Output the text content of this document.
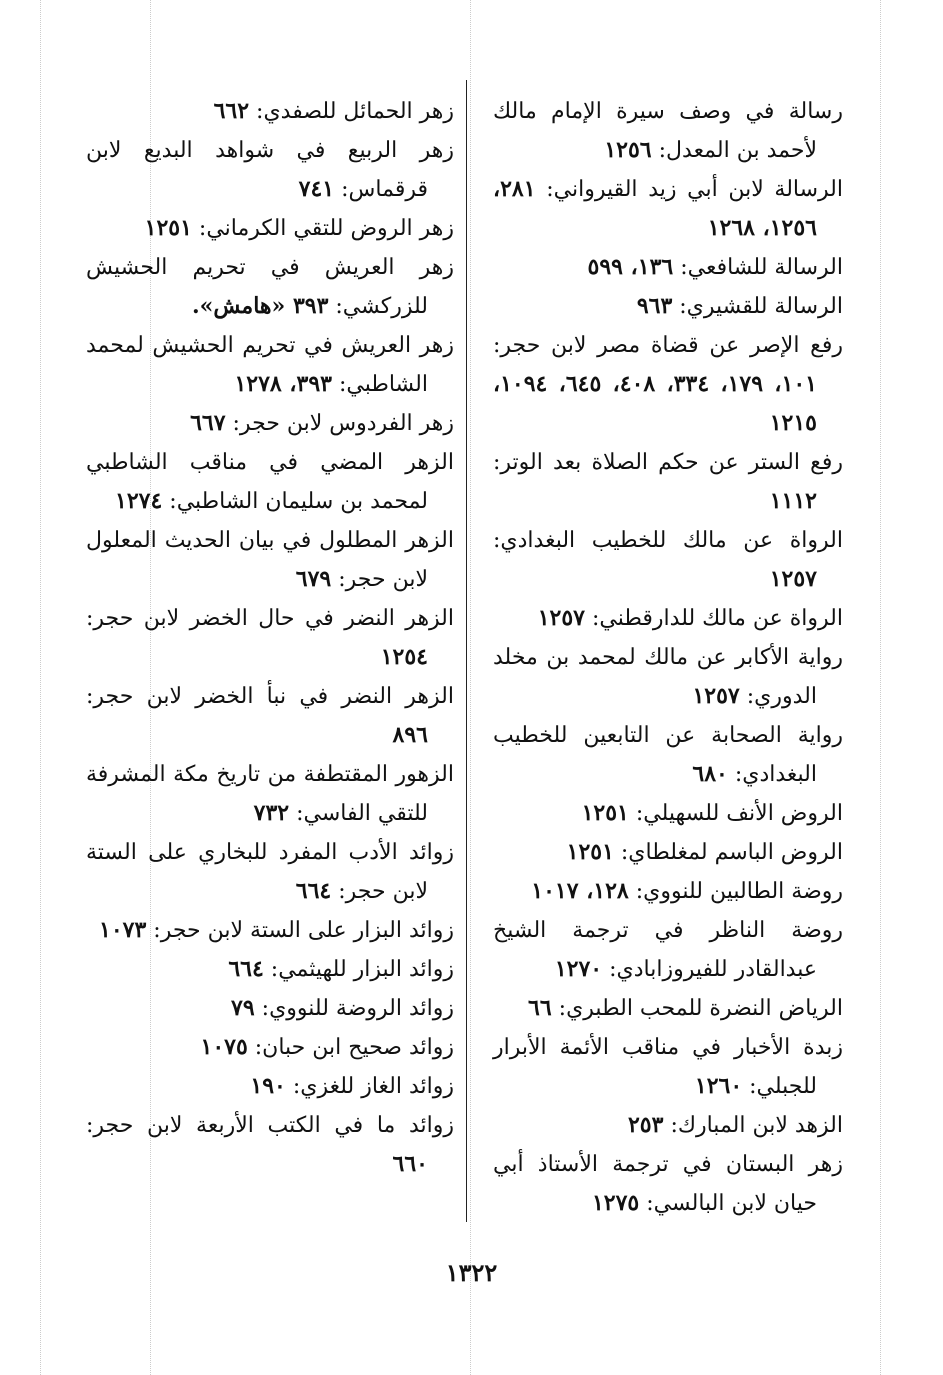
رسالة في وصف سيرة الإمام مالك لأحمد بن المعدل: ١٢٥٦
الرسالة لابن أبي زيد القيرواني: ٢٨١، ١٢٥٦، ١٢٦٨
الرسالة للشافعي: ١٣٦، ٥٩٩
الرسالة للقشيري: ٩٦٣
رفع الإصر عن قضاة مصر لابن حجر: ١٠١، ١٧٩، ٣٣٤، ٤٠٨، ٦٤٥، ١٠٩٤، ١٢١٥
رفع الستر عن حكم الصلاة بعد الوتر: ١١١٢
الرواة عن مالك للخطيب البغدادي: ١٢٥٧
الرواة عن مالك للدارقطني: ١٢٥٧
رواية الأكابر عن مالك لمحمد بن مخلد الدوري: ١٢٥٧
رواية الصحابة عن التابعين للخطيب البغدادي: ٦٨٠
الروض الأنف للسهيلي: ١٢٥١
الروض الباسم لمغلطاي: ١٢٥١
روضة الطالبين للنووي: ١٢٨، ١٠١٧
روضة الناظر في ترجمة الشيخ عبدالقادر للفيروزابادي: ١٢٧٠
الرياض النضرة للمحب الطبري: ٦٦
زبدة الأخبار في مناقب الأئمة الأبرار للجبلي: ١٢٦٠
الزهد لابن المبارك: ٢٥٣
زهر البستان في ترجمة الأستاذ أبي حيان لابن البالسي: ١٢٧٥
زهر الحمائل للصفدي: ٦٦٢
زهر الربيع في شواهد البديع لابن قرقماس: ٧٤١
زهر الروض للتقي الكرماني: ١٢٥١
زهر العريش في تحريم الحشيش للزركشي: ٣٩٣ «هامش».
زهر العريش في تحريم الحشيش لمحمد الشاطبي: ٣٩٣، ١٢٧٨
زهر الفردوس لابن حجر: ٦٦٧
الزهر المضي في مناقب الشاطبي لمحمد بن سليمان الشاطبي: ١٢٧٤
الزهر المطلول في بيان الحديث المعلول لابن حجر: ٦٧٩
الزهر النضر في حال الخضر لابن حجر: ١٢٥٤
الزهر النضر في نبأ الخضر لابن حجر: ٨٩٦
الزهور المقتطفة من تاريخ مكة المشرفة للتقي الفاسي: ٧٣٢
زوائد الأدب المفرد للبخاري على الستة لابن حجر: ٦٦٤
زوائد البزار على الستة لابن حجر: ١٠٧٣
زوائد البزار للهيثمي: ٦٦٤
زوائد الروضة للنووي: ٧٩
زوائد صحيح ابن حبان: ١٠٧٥
زوائد الغاز للغزي: ١٩٠
زوائد ما في الكتب الأربعة لابن حجر: ٦٦٠
١٣٢٢
